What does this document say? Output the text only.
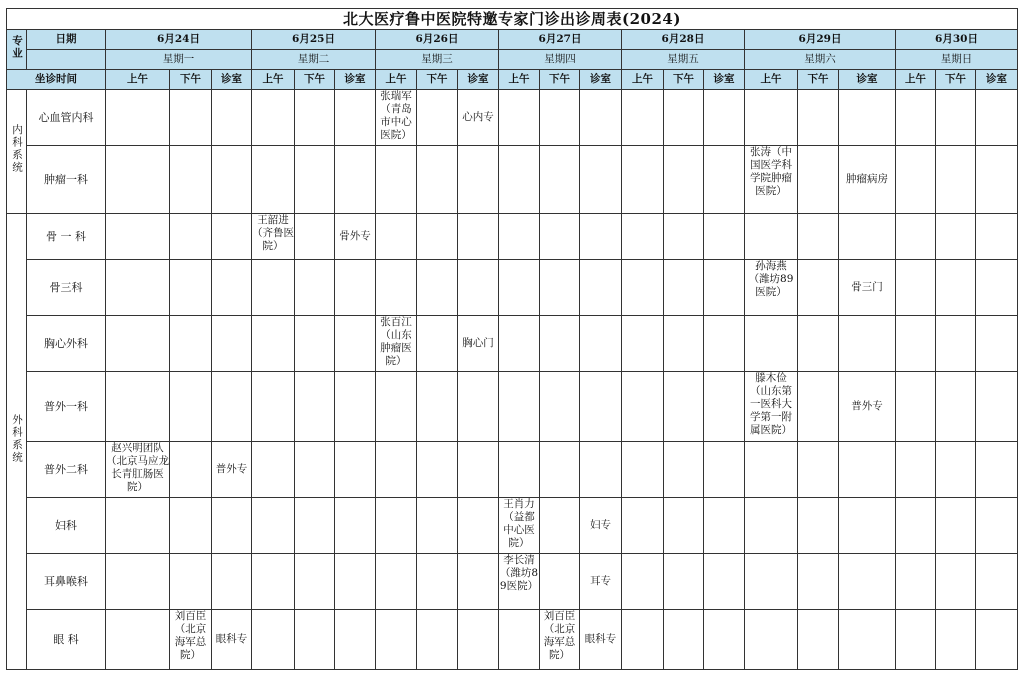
北大医疗鲁中医院特邀专家门诊出诊周表(2024)
专业	日期	6月24日			6月25日			6月26日			6月27日			6月28日			6月29日			6月30日		
		星期一			星期二			星期三			星期四			星期五			星期六			星期日		
坐诊时间		上午	下午	诊室	上午	下午	诊室	上午	下午	诊室	上午	下午	诊室	上午	下午	诊室	上午	下午	诊室	上午	下午	诊室
内科系统	心血管内科							张瑞军（青岛市中心医院）		心内专												
	肿瘤一科																张涛（中国医学科学院肿瘤医院）		肿瘤病房			
外科系统	骨 一 科				王韶进（齐鲁医院）		骨外专															
	骨三科																孙海燕（潍坊89医院）		骨三门			
	胸心外科							张百江（山东肿瘤医院）		胸心门												
	普外一科																滕木俭（山东第一医科大学第一附属医院）		普外专			
	普外二科	赵兴明团队（北京马应龙长青肛肠医院）		普外专																		
	妇科										王肖力（益都中心医院）		妇专									
	耳鼻喉科										李长清（潍坊89医院）		耳专									
	眼 科		刘百臣（北京海军总院）	眼科专								刘百臣（北京海军总院）	眼科专									
